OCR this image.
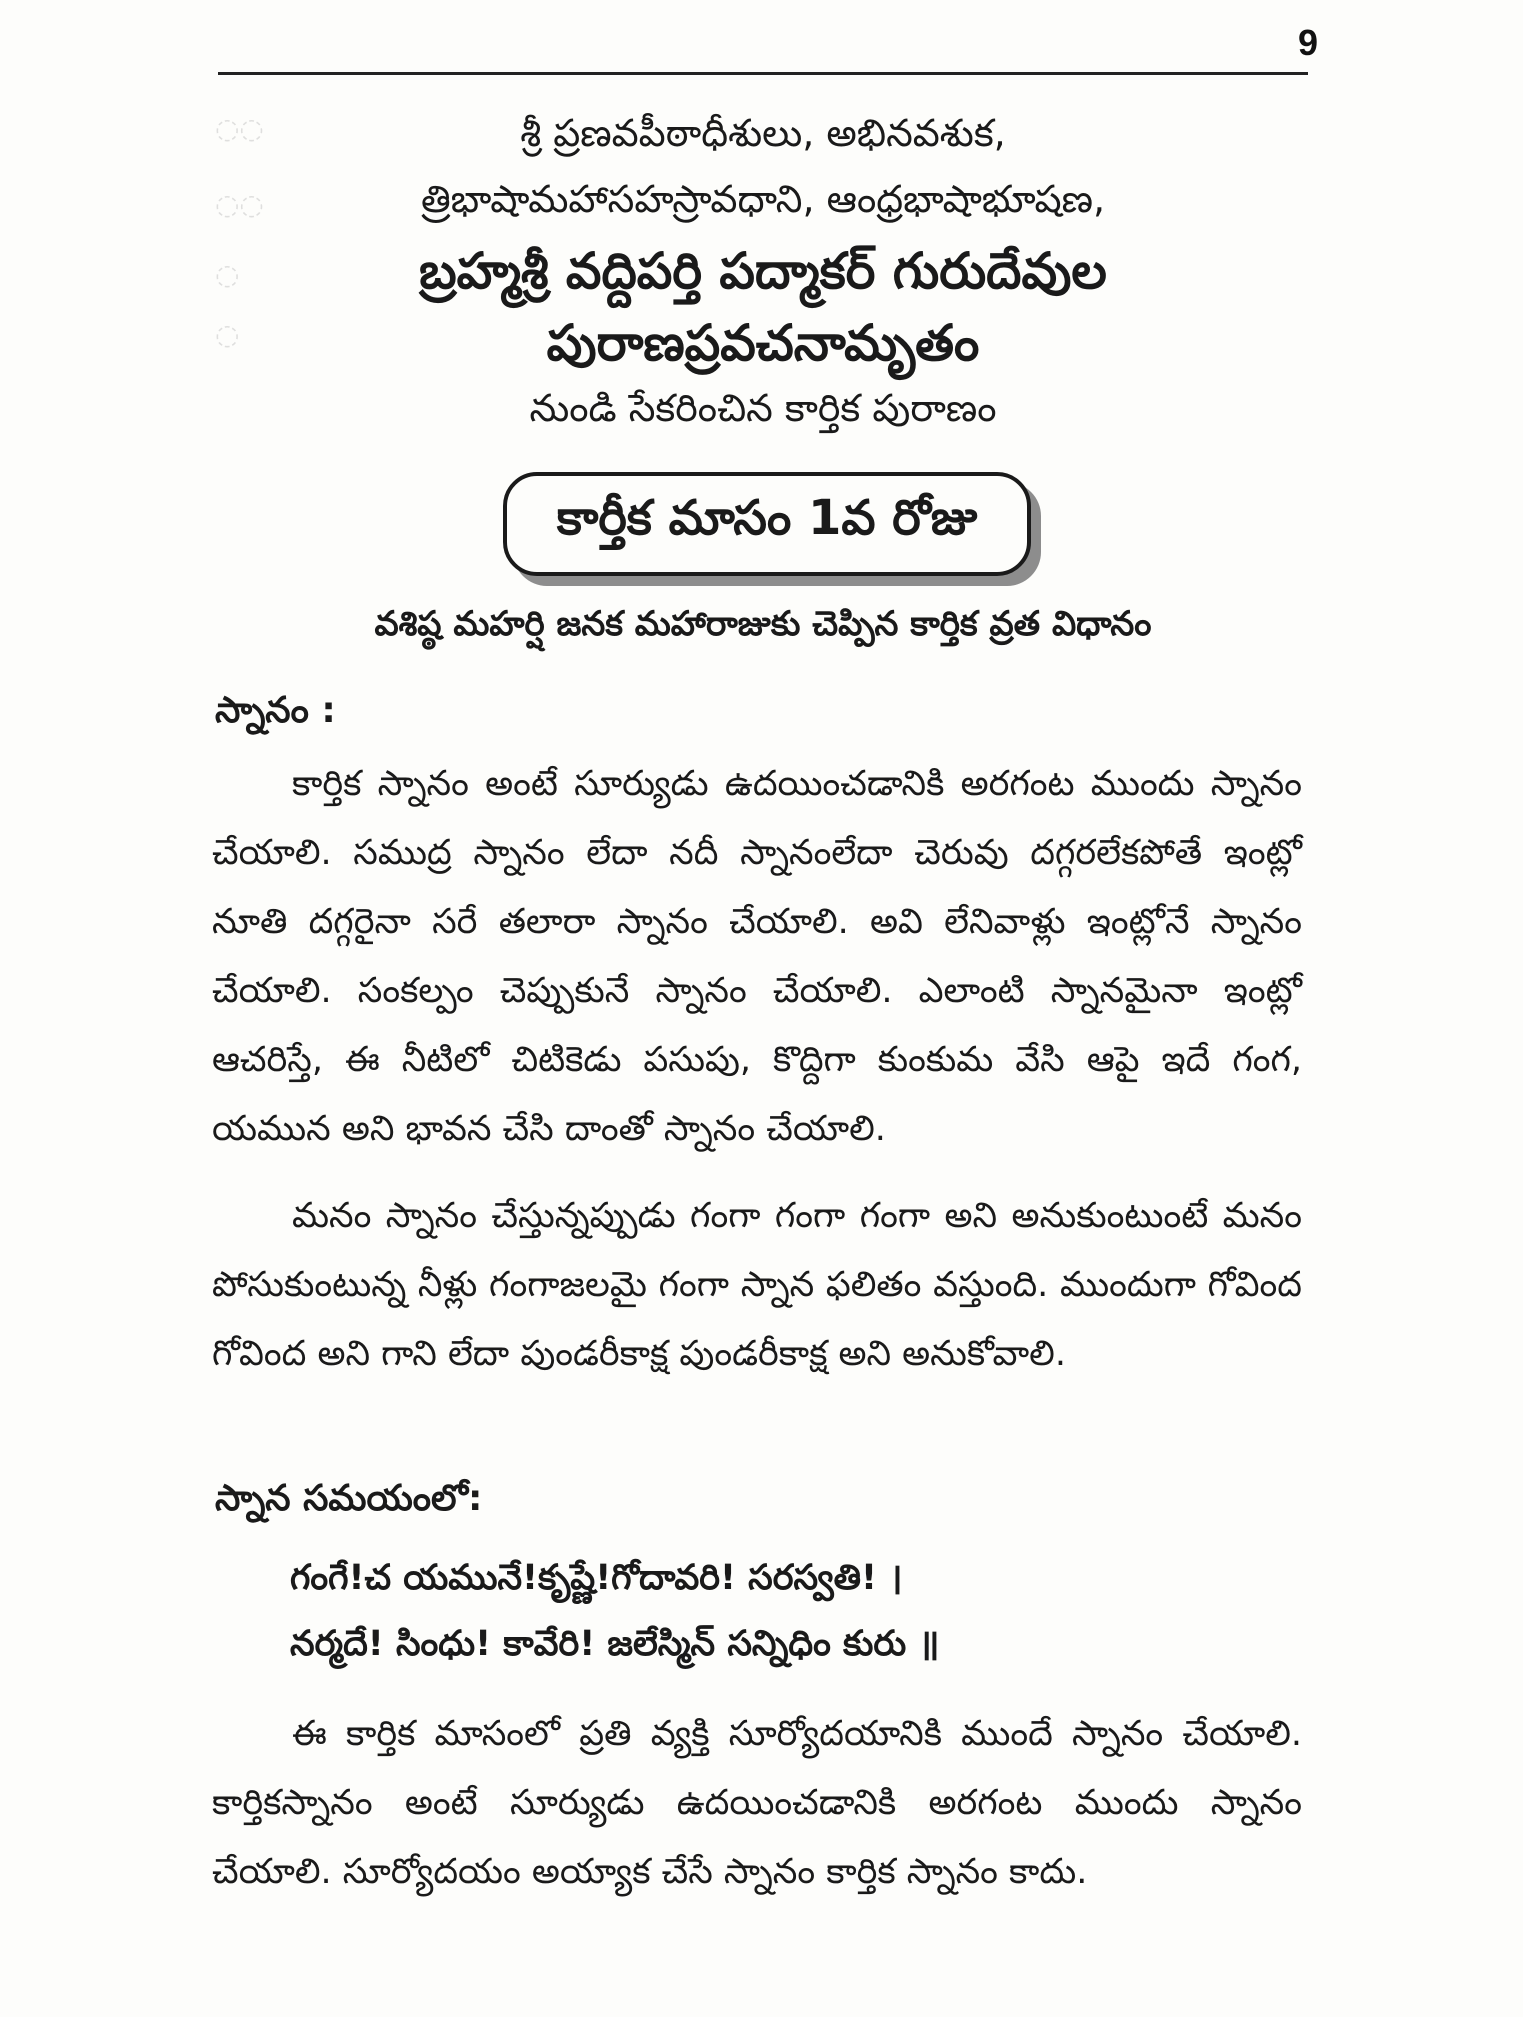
9
◌◌
◌◌
◌
◌
శ్రీ ప్రణవపీఠాధీశులు, అభినవశుక,
త్రిభాషామహాసహస్రావధాని, ఆంధ్రభాషాభూషణ,
బ్రహ్మశ్రీ వద్దిపర్తి పద్మాకర్ గురుదేవుల
పురాణప్రవచనామృతం
నుండి సేకరించిన కార్తిక పురాణం
కార్తీక మాసం 1వ రోజు
వశిష్ఠ మహర్షి జనక మహారాజుకు చెప్పిన కార్తిక వ్రత విధానం
స్నానం :
కార్తిక స్నానం అంటే సూర్యుడు ఉదయించడానికి అరగంట ముందు స్నానం చేయాలి. సముద్ర స్నానం లేదా నదీ స్నానంలేదా చెరువు దగ్గరలేకపోతే ఇంట్లో నూతి దగ్గరైనా సరే తలారా స్నానం చేయాలి. అవి లేనివాళ్లు ఇంట్లోనే స్నానం చేయాలి. సంకల్పం చెప్పుకునే స్నానం చేయాలి. ఎలాంటి స్నానమైనా ఇంట్లో ఆచరిస్తే, ఈ నీటిలో చిటికెడు పసుపు, కొద్దిగా కుంకుమ వేసి ఆపై ఇదే గంగ, యమున అని భావన చేసి దాంతో స్నానం చేయాలి.
మనం స్నానం చేస్తున్నప్పుడు గంగా గంగా గంగా అని అనుకుంటుంటే మనం పోసుకుంటున్న నీళ్లు గంగాజలమై గంగా స్నాన ఫలితం వస్తుంది. ముందుగా గోవింద గోవింద అని గాని లేదా పుండరీకాక్ష పుండరీకాక్ష అని అనుకోవాలి.
స్నాన సమయంలో:
గంగే!చ యమునే!కృష్ణే!గోదావరి! సరస్వతి! ।
నర్మదే! సింధు! కావేరి! జలేస్మిన్ సన్నిధిం కురు ॥
ఈ కార్తిక మాసంలో ప్రతి వ్యక్తి సూర్యోదయానికి ముందే స్నానం చేయాలి. కార్తికస్నానం అంటే సూర్యుడు ఉదయించడానికి అరగంట ముందు స్నానం చేయాలి. సూర్యోదయం అయ్యాక చేసే స్నానం కార్తిక స్నానం కాదు.
